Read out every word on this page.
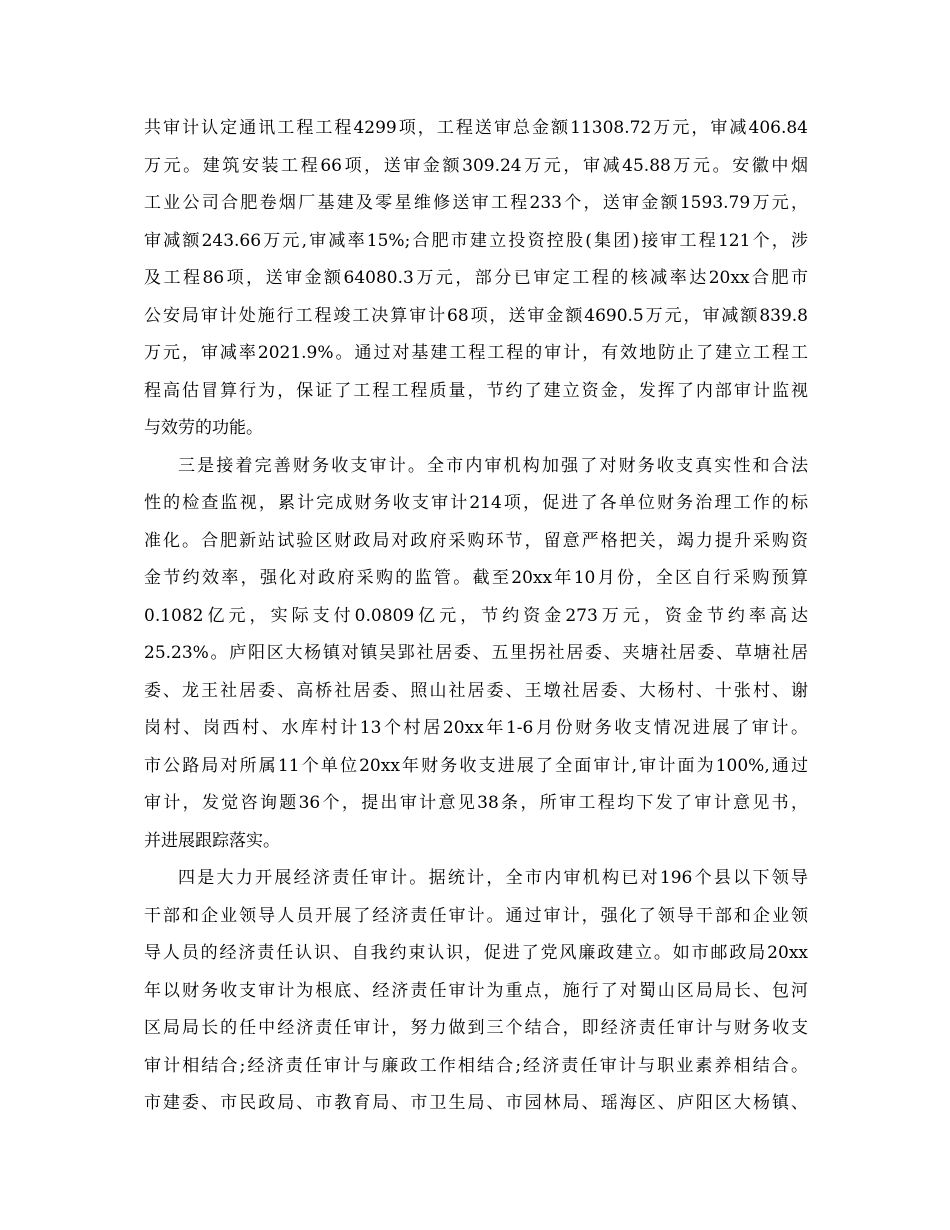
共审计认定通讯工程工程4299项，工程送审总金额11308.72万元，审减406.84
万元。建筑安装工程66项，送审金额309.24万元，审减45.88万元。安徽中烟
工业公司合肥卷烟厂基建及零星维修送审工程233个，送审金额1593.79万元，
审减额243.66万元,审减率15%;合肥市建立投资控股(集团)接审工程121个，涉
及工程86项，送审金额64080.3万元，部分已审定工程的核减率达20xx合肥市
公安局审计处施行工程竣工决算审计68项，送审金额4690.5万元，审减额839.8
万元，审减率2021.9%。通过对基建工程工程的审计，有效地防止了建立工程工
程高估冒算行为，保证了工程工程质量，节约了建立资金，发挥了内部审计监视
与效劳的功能。
三是接着完善财务收支审计。全市内审机构加强了对财务收支真实性和合法
性的检查监视，累计完成财务收支审计214项，促进了各单位财务治理工作的标
准化。合肥新站试验区财政局对政府采购环节，留意严格把关，竭力提升采购资
金节约效率，强化对政府采购的监管。截至20xx年10月份，全区自行采购预算
0.1082亿元，实际支付0.0809亿元，节约资金273万元，资金节约率高达
25.23%。庐阳区大杨镇对镇吴郢社居委、五里拐社居委、夹塘社居委、草塘社居
委、龙王社居委、高桥社居委、照山社居委、王墩社居委、大杨村、十张村、谢
岗村、岗西村、水库村计13个村居20xx年1-6月份财务收支情况进展了审计。
市公路局对所属11个单位20xx年财务收支进展了全面审计,审计面为100%,通过
审计，发觉咨询题36个，提出审计意见38条，所审工程均下发了审计意见书，
并进展跟踪落实。
四是大力开展经济责任审计。据统计，全市内审机构已对196个县以下领导
干部和企业领导人员开展了经济责任审计。通过审计，强化了领导干部和企业领
导人员的经济责任认识、自我约束认识，促进了党风廉政建立。如市邮政局20xx
年以财务收支审计为根底、经济责任审计为重点，施行了对蜀山区局局长、包河
区局局长的任中经济责任审计，努力做到三个结合，即经济责任审计与财务收支
审计相结合;经济责任审计与廉政工作相结合;经济责任审计与职业素养相结合。
市建委、市民政局、市教育局、市卫生局、市园林局、瑶海区、庐阳区大杨镇、
